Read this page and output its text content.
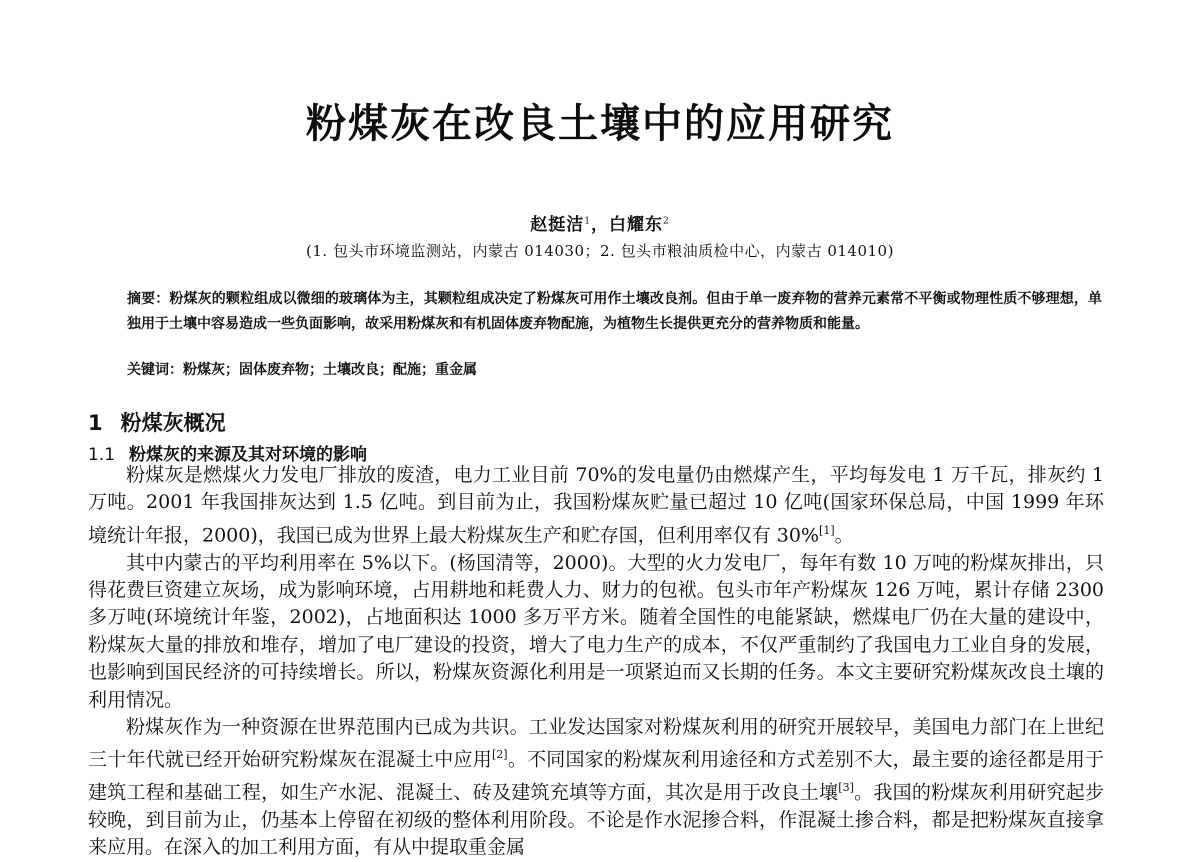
粉煤灰在改良土壤中的应用研究
赵挺洁$^1$，白耀东$^2$
(1. 包头市环境监测站，内蒙古 014030；2. 包头市粮油质检中心，内蒙古 014010)
摘要：粉煤灰的颗粒组成以微细的玻璃体为主，其颗粒组成决定了粉煤灰可用作土壤改良剂。但由于单一废弃物的营养元素常不平衡或物理性质不够理想，单独用于土壤中容易造成一些负面影响，故采用粉煤灰和有机固体废弃物配施，为植物生长提供更充分的营养物质和能量。
关键词：粉煤灰；固体废弃物；土壤改良；配施；重金属
1 粉煤灰概况
1.1 粉煤灰的来源及其对环境的影响

粉煤灰是燃煤火力发电厂排放的废渣，电力工业目前 70%的发电量仍由燃煤产生，平均每发电 1 万千瓦，排灰约 1 万吨。2001 年我国排灰达到 1.5 亿吨。到目前为止，我国粉煤灰贮量已超过 10 亿吨(国家环保总局，中国 1999 年环境统计年报，2000)，我国已成为世界上最大粉煤灰生产和贮存国，但利用率仅有 30%[1]。

其中内蒙古的平均利用率在 5%以下。(杨国清等，2000)。大型的火力发电厂，每年有数 10 万吨的粉煤灰排出，只得花费巨资建立灰场，成为影响环境，占用耕地和耗费人力、财力的包袱。包头市年产粉煤灰 126 万吨，累计存储 2300 多万吨(环境统计年鉴，2002)，占地面积达 1000 多万平方米。随着全国性的电能紧缺，燃煤电厂仍在大量的建设中，粉煤灰大量的排放和堆存，增加了电厂建设的投资，增大了电力生产的成本，不仅严重制约了我国电力工业自身的发展，也影响到国民经济的可持续增长。所以，粉煤灰资源化利用是一项紧迫而又长期的任务。本文主要研究粉煤灰改良土壤的利用情况。

粉煤灰作为一种资源在世界范围内已成为共识。工业发达国家对粉煤灰利用的研究开展较早，美国电力部门在上世纪三十年代就已经开始研究粉煤灰在混凝土中应用[2]。不同国家的粉煤灰利用途径和方式差别不大，最主要的途径都是用于建筑工程和基础工程，如生产水泥、混凝土、砖及建筑充填等方面，其次是用于改良土壤[3]。我国的粉煤灰利用研究起步较晚，到目前为止，仍基本上停留在初级的整体利用阶段。不论是作水泥掺合料，作混凝土掺合料，都是把粉煤灰直接拿来应用。在深入的加工利用方面，有从中提取重金属
